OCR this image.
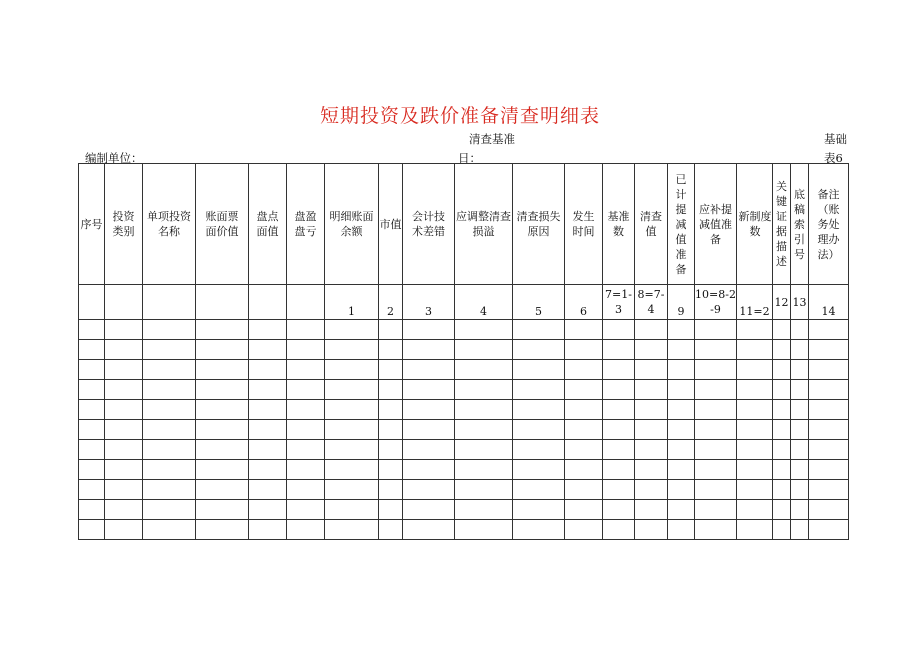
短期投资及跌价准备清查明细表
清查基准
日：
编制单位：
基础
表6
序号	投资类别	单项投资名称	账面票面价值	盘点面值	盘盈盘亏	明细账面余额	市值	会计技术差错	应调整清查损溢	清查损失原因	发生时间	基准数	清查值	已计提减值准备	应补提减值准备	新制度数	关键证据描述	底稿索引号	备注（账务处理办法）
						1	2	3	4	5	6	7=1-3	8=7-4	9	10=8-2-9	11=2	12	13	14
